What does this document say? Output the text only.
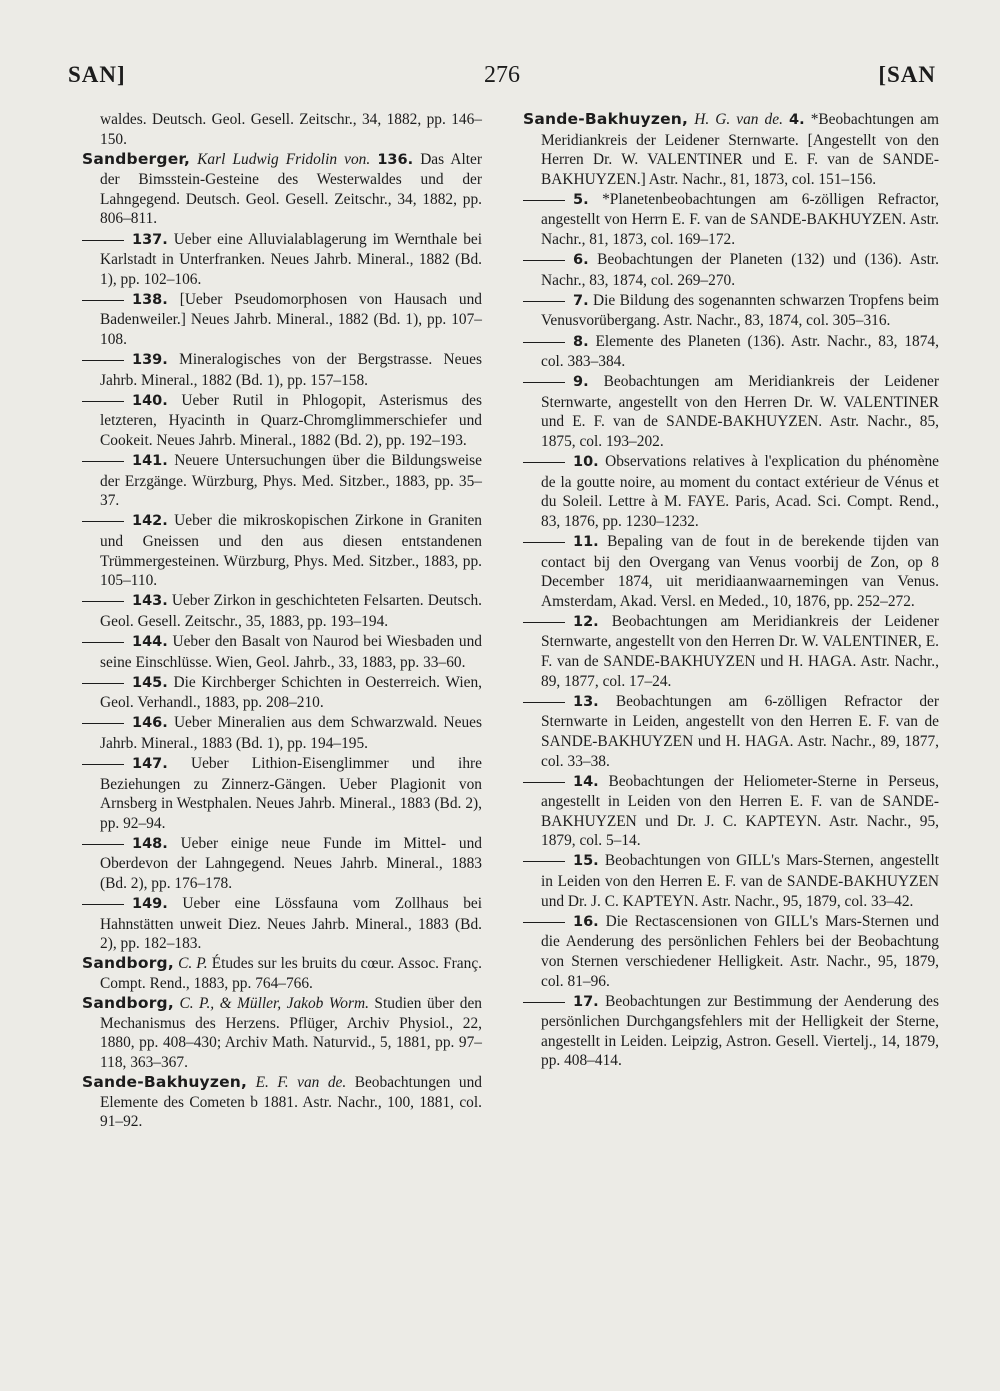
SAN]	276	[SAN

waldes. Deutsch. Geol. Gesell. Zeitschr., 34, 1882, pp. 146–150.

Sandberger, Karl Ludwig Fridolin von. 136. Das Alter der Bimsstein-Gesteine des Westerwaldes und der Lahngegend. Deutsch. Geol. Gesell. Zeitschr., 34, 1882, pp. 806–811.

137. Ueber eine Alluvialablagerung im Wernthale bei Karlstadt in Unterfranken. Neues Jahrb. Mineral., 1882 (Bd. 1), pp. 102–106.

138. [Ueber Pseudomorphosen von Hausach und Badenweiler.] Neues Jahrb. Mineral., 1882 (Bd. 1), pp. 107–108.

139. Mineralogisches von der Bergstrasse. Neues Jahrb. Mineral., 1882 (Bd. 1), pp. 157–158.

140. Ueber Rutil in Phlogopit, Asterismus des letzteren, Hyacinth in Quarz-Chromglimmerschiefer und Cookeit. Neues Jahrb. Mineral., 1882 (Bd. 2), pp. 192–193.

141. Neuere Untersuchungen über die Bildungsweise der Erzgänge. Würzburg, Phys. Med. Sitzber., 1883, pp. 35–37.

142. Ueber die mikroskopischen Zirkone in Graniten und Gneissen und den aus diesen entstandenen Trümmergesteinen. Würzburg, Phys. Med. Sitzber., 1883, pp. 105–110.

143. Ueber Zirkon in geschichteten Felsarten. Deutsch. Geol. Gesell. Zeitschr., 35, 1883, pp. 193–194.

144. Ueber den Basalt von Naurod bei Wiesbaden und seine Einschlüsse. Wien, Geol. Jahrb., 33, 1883, pp. 33–60.

145. Die Kirchberger Schichten in Oesterreich. Wien, Geol. Verhandl., 1883, pp. 208–210.

146. Ueber Mineralien aus dem Schwarzwald. Neues Jahrb. Mineral., 1883 (Bd. 1), pp. 194–195.

147. Ueber Lithion-Eisenglimmer und ihre Beziehungen zu Zinnerz-Gängen. Ueber Plagionit von Arnsberg in Westphalen. Neues Jahrb. Mineral., 1883 (Bd. 2), pp. 92–94.

148. Ueber einige neue Funde im Mittel- und Oberdevon der Lahngegend. Neues Jahrb. Mineral., 1883 (Bd. 2), pp. 176–178.

149. Ueber eine Lössfauna vom Zollhaus bei Hahnstätten unweit Diez. Neues Jahrb. Mineral., 1883 (Bd. 2), pp. 182–183.

Sandborg, C. P. Études sur les bruits du cœur. Assoc. Franç. Compt. Rend., 1883, pp. 764–766.

Sandborg, C. P., & Müller, Jakob Worm. Studien über den Mechanismus des Herzens. Pflüger, Archiv Physiol., 22, 1880, pp. 408–430; Archiv Math. Naturvid., 5, 1881, pp. 97–118, 363–367.

Sande-Bakhuyzen, E. F. van de. Beobachtungen und Elemente des Cometen b 1881. Astr. Nachr., 100, 1881, col. 91–92.

Sande-Bakhuyzen, H. G. van de. 4. *Beobachtungen am Meridiankreis der Leidener Sternwarte. [Angestellt von den Herren Dr. W. VALENTINER und E. F. van de SANDE-BAKHUYZEN.] Astr. Nachr., 81, 1873, col. 151–156.

5. *Planetenbeobachtungen am 6-zölligen Refractor, angestellt von Herrn E. F. van de SANDE-BAKHUYZEN. Astr. Nachr., 81, 1873, col. 169–172.

6. Beobachtungen der Planeten (132) und (136). Astr. Nachr., 83, 1874, col. 269–270.

7. Die Bildung des sogenannten schwarzen Tropfens beim Venusvorübergang. Astr. Nachr., 83, 1874, col. 305–316.

8. Elemente des Planeten (136). Astr. Nachr., 83, 1874, col. 383–384.

9. Beobachtungen am Meridiankreis der Leidener Sternwarte, angestellt von den Herren Dr. W. VALENTINER und E. F. van de SANDE-BAKHUYZEN. Astr. Nachr., 85, 1875, col. 193–202.

10. Observations relatives à l'explication du phénomène de la goutte noire, au moment du contact extérieur de Vénus et du Soleil. Lettre à M. FAYE. Paris, Acad. Sci. Compt. Rend., 83, 1876, pp. 1230–1232.

11. Bepaling van de fout in de berekende tijden van contact bij den Overgang van Venus voorbij de Zon, op 8 December 1874, uit meridiaanwaarnemingen van Venus. Amsterdam, Akad. Versl. en Meded., 10, 1876, pp. 252–272.

12. Beobachtungen am Meridiankreis der Leidener Sternwarte, angestellt von den Herren Dr. W. VALENTINER, E. F. van de SANDE-BAKHUYZEN und H. HAGA. Astr. Nachr., 89, 1877, col. 17–24.

13. Beobachtungen am 6-zölligen Refractor der Sternwarte in Leiden, angestellt von den Herren E. F. van de SANDE-BAKHUYZEN und H. HAGA. Astr. Nachr., 89, 1877, col. 33–38.

14. Beobachtungen der Heliometer-Sterne in Perseus, angestellt in Leiden von den Herren E. F. van de SANDE-BAKHUYZEN und Dr. J. C. KAPTEYN. Astr. Nachr., 95, 1879, col. 5–14.

15. Beobachtungen von GILL's Mars-Sternen, angestellt in Leiden von den Herren E. F. van de SANDE-BAKHUYZEN und Dr. J. C. KAPTEYN. Astr. Nachr., 95, 1879, col. 33–42.

16. Die Rectascensionen von GILL's Mars-Sternen und die Aenderung des persönlichen Fehlers bei der Beobachtung von Sternen verschiedener Helligkeit. Astr. Nachr., 95, 1879, col. 81–96.

17. Beobachtungen zur Bestimmung der Aenderung des persönlichen Durchgangsfehlers mit der Helligkeit der Sterne, angestellt in Leiden. Leipzig, Astron. Gesell. Viertelj., 14, 1879, pp. 408–414.
